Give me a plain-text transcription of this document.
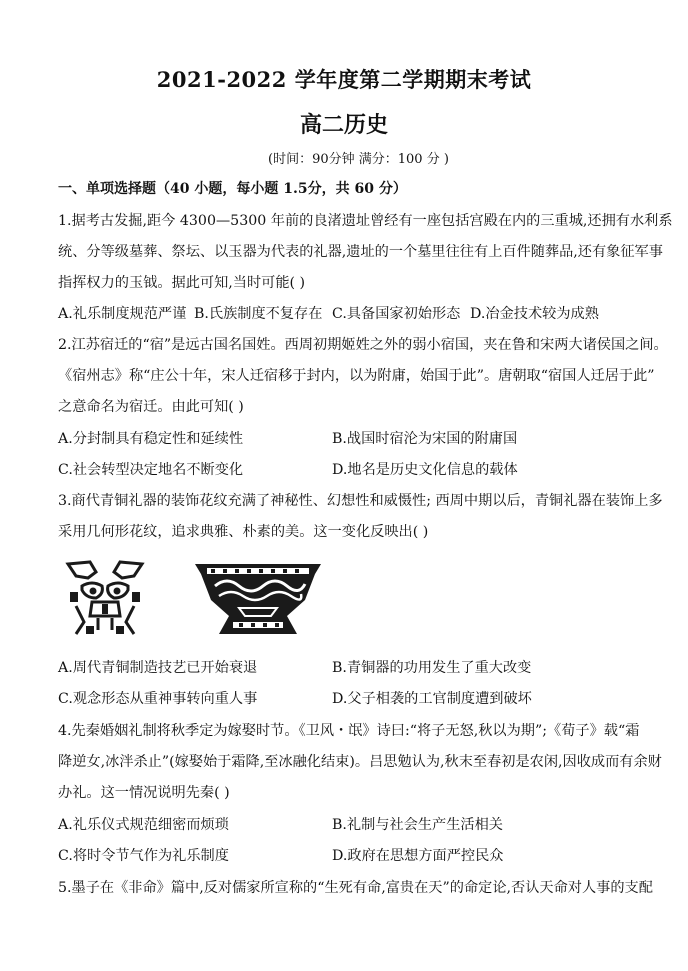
2021-2022 学年度第二学期期末考试
高二历史
(时间：90分钟 满分：100 分 )
一、单项选择题（40 小题，每小题 1.5分，共 60 分）
1.据考古发掘,距今 4300—5300 年前的良渚遗址曾经有一座包括宫殿在内的三重城,还拥有水利系
统、分等级墓葬、祭坛、以玉器为代表的礼器,遗址的一个墓里往往有上百件随葬品,还有象征军事
指挥权力的玉钺。据此可知,当时可能( )
A.礼乐制度规范严谨 B.氏族制度不复存在 C.具备国家初始形态 D.冶金技术较为成熟
2.江苏宿迁的“宿”是远古国名国姓。西周初期姬姓之外的弱小宿国，夹在鲁和宋两大诸侯国之间。
《宿州志》称“庄公十年，宋人迁宿移于封内，以为附庸，始国于此”。唐朝取“宿国人迁居于此”
之意命名为宿迁。由此可知( )
A.分封制具有稳定性和延续性	B.战国时宿沦为宋国的附庸国
C.社会转型决定地名不断变化	D.地名是历史文化信息的载体
3.商代青铜礼器的装饰花纹充满了神秘性、幻想性和威慑性; 西周中期以后，青铜礼器在装饰上多
采用几何形花纹，追求典雅、朴素的美。这一变化反映出( )
A.周代青铜制造技艺已开始衰退	B.青铜器的功用发生了重大改变
C.观念形态从重神事转向重人事	D.父子相袭的工官制度遭到破坏
4.先秦婚姻礼制将秋季定为嫁娶时节。《卫风・氓》诗曰:“将子无怒,秋以为期”;《荀子》载“霜
降逆女,冰泮杀止”(嫁娶始于霜降,至冰融化结束)。吕思勉认为,秋末至春初是农闲,因收成而有余财
办礼。这一情况说明先秦( )
A.礼乐仪式规范细密而烦琐	B.礼制与社会生产生活相关
C.将时令节气作为礼乐制度	D.政府在思想方面严控民众
5.墨子在《非命》篇中,反对儒家所宣称的“生死有命,富贵在天”的命定论,否认天命对人事的支配
